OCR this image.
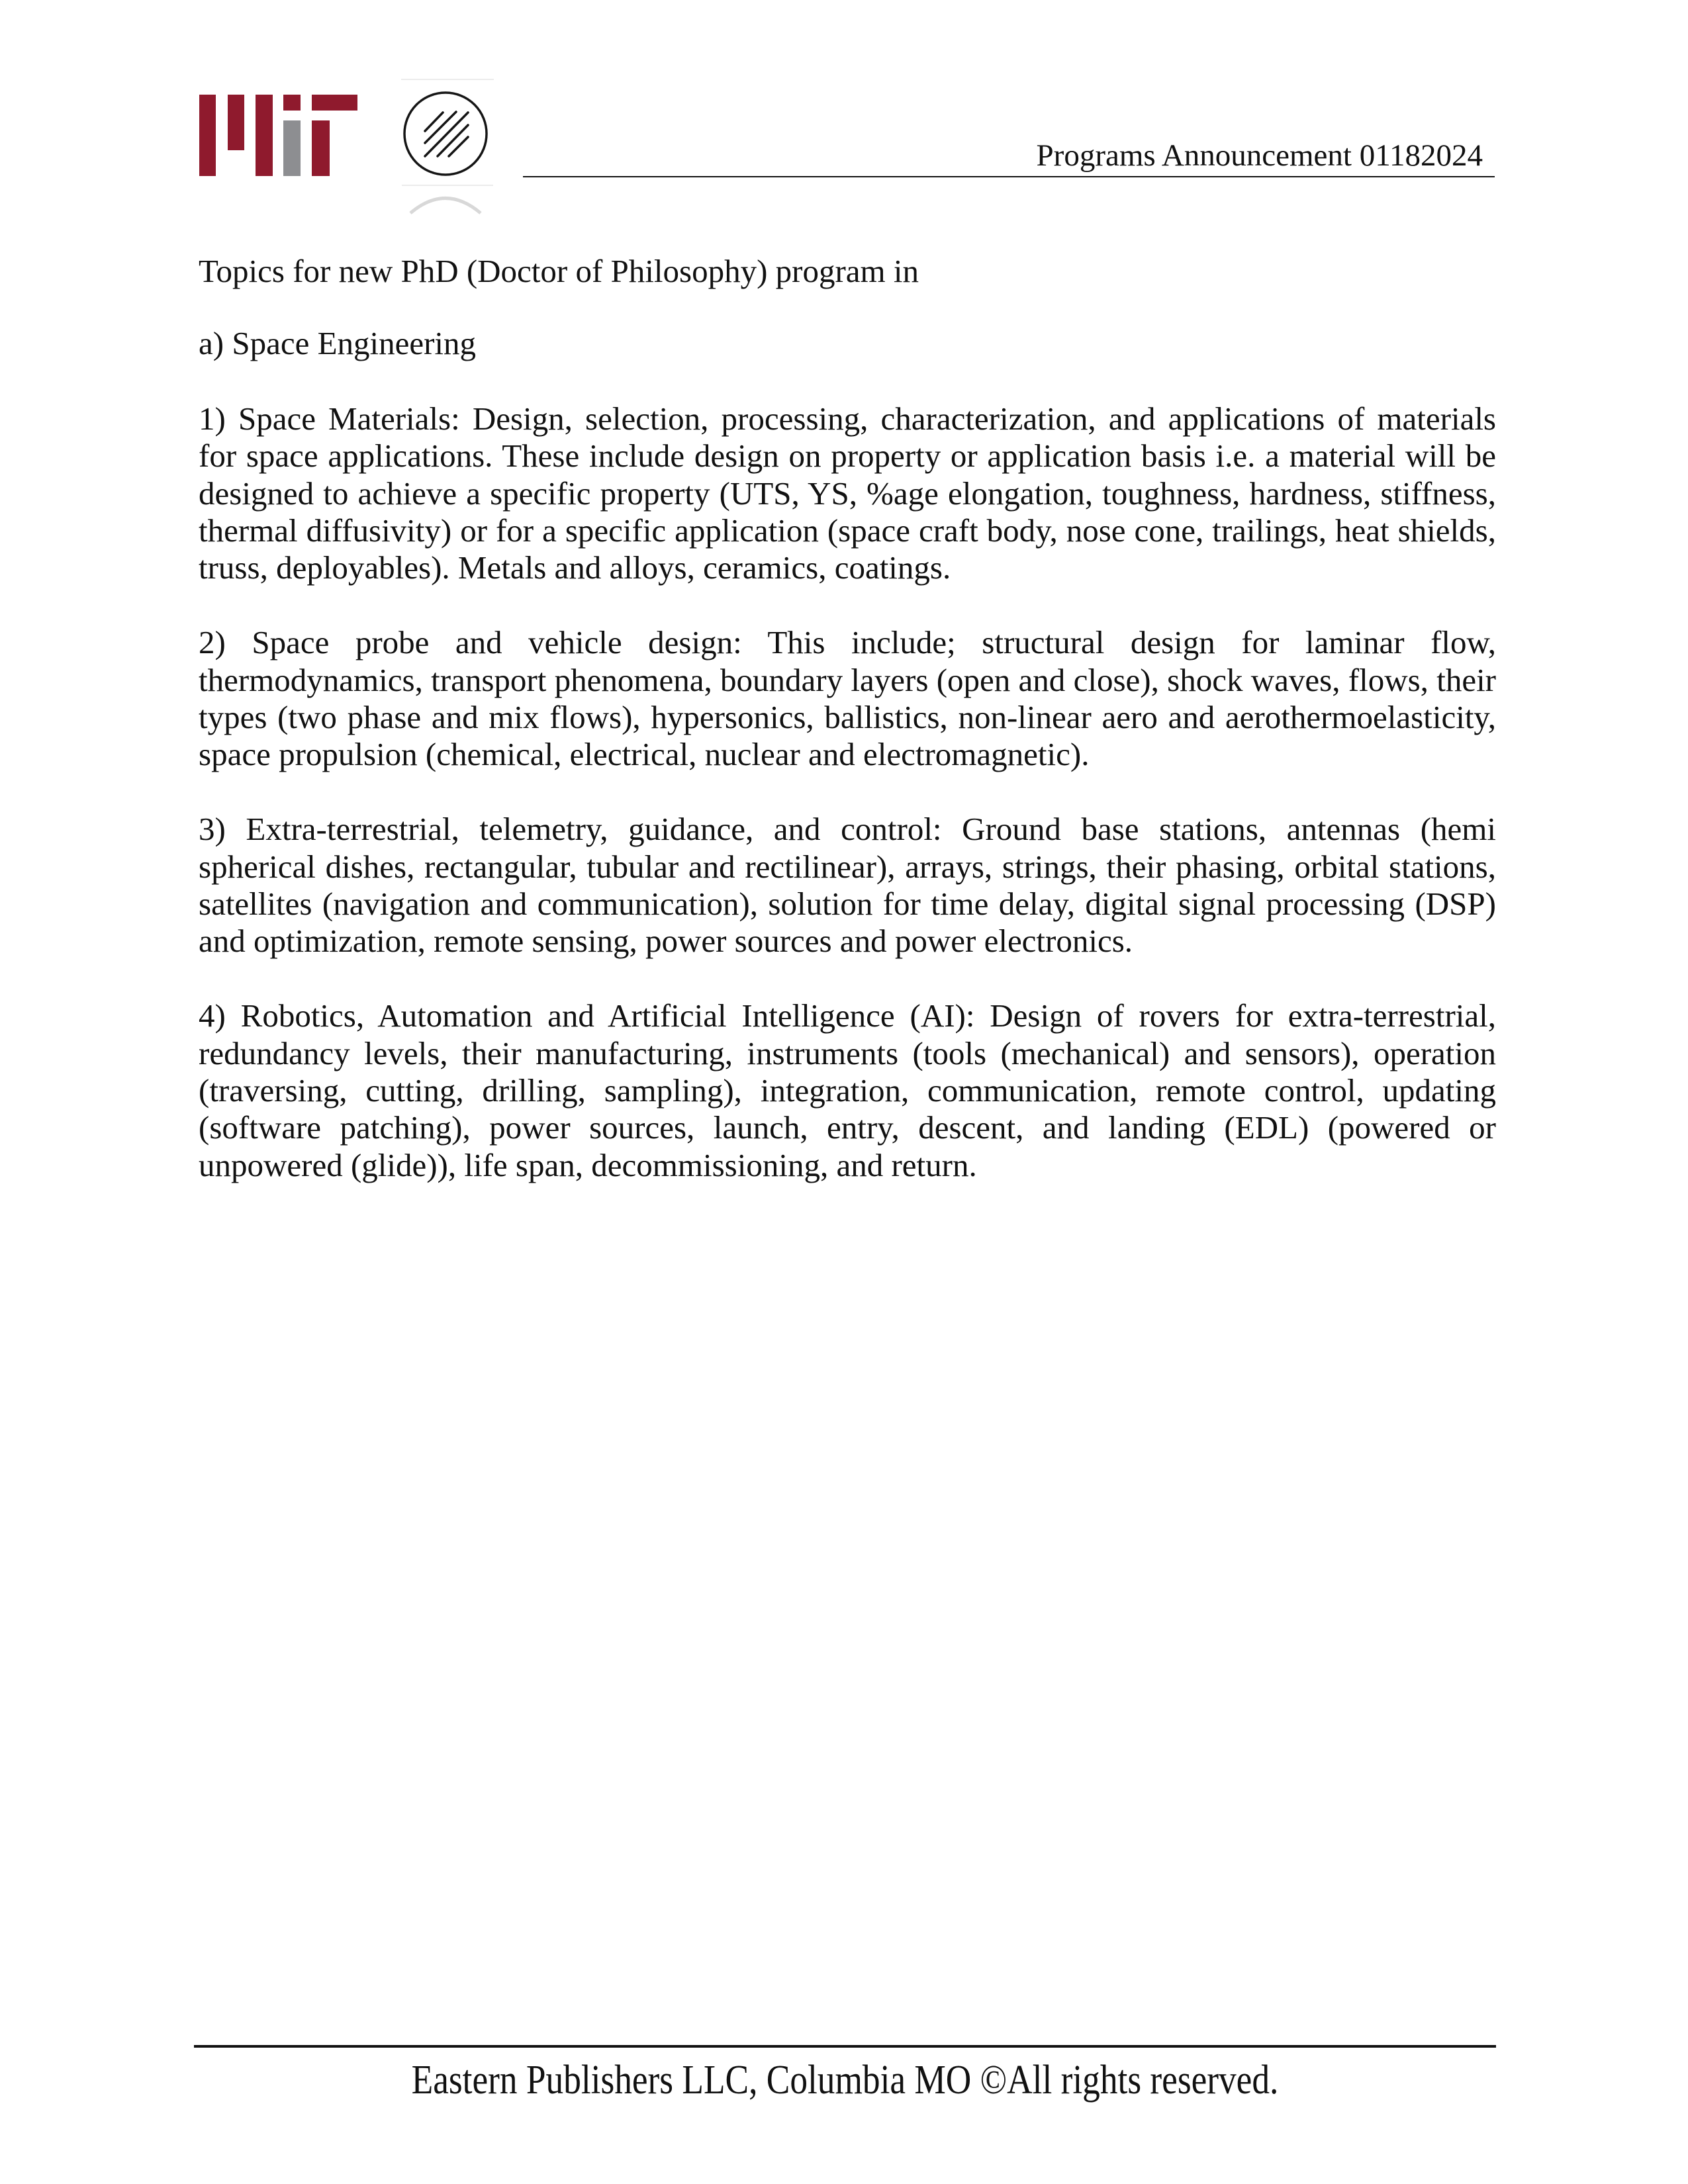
Programs Announcement 01182024

Topics for new PhD (Doctor of Philosophy) program in

a) Space Engineering

1) Space Materials: Design, selection, processing, characterization, and applications of materials for space applications. These include design on property or application basis i.e. a material will be designed to achieve a specific property (UTS, YS, %age elongation, toughness, hardness, stiffness, thermal diffusivity) or for a specific application (space craft body, nose cone, trailings, heat shields, truss, deployables). Metals and alloys, ceramics, coatings.

2) Space probe and vehicle design: This include; structural design for laminar flow, thermodynamics, transport phenomena, boundary layers (open and close), shock waves, flows, their types (two phase and mix flows), hypersonics, ballistics, non-linear aero and aerothermoelasticity, space propulsion (chemical, electrical, nuclear and electromagnetic).

3) Extra-terrestrial, telemetry, guidance, and control: Ground base stations, antennas (hemi spherical dishes, rectangular, tubular and rectilinear), arrays, strings, their phasing, orbital stations, satellites (navigation and communication), solution for time delay, digital signal processing (DSP) and optimization, remote sensing, power sources and power electronics.

4) Robotics, Automation and Artificial Intelligence (AI): Design of rovers for extra-terrestrial, redundancy levels, their manufacturing, instruments (tools (mechanical) and sensors), operation (traversing, cutting, drilling, sampling), integration, communication, remote control, updating (software patching), power sources, launch, entry, descent, and landing (EDL) (powered or unpowered (glide)), life span, decommissioning, and return.

Eastern Publishers LLC, Columbia MO ©All rights reserved.
